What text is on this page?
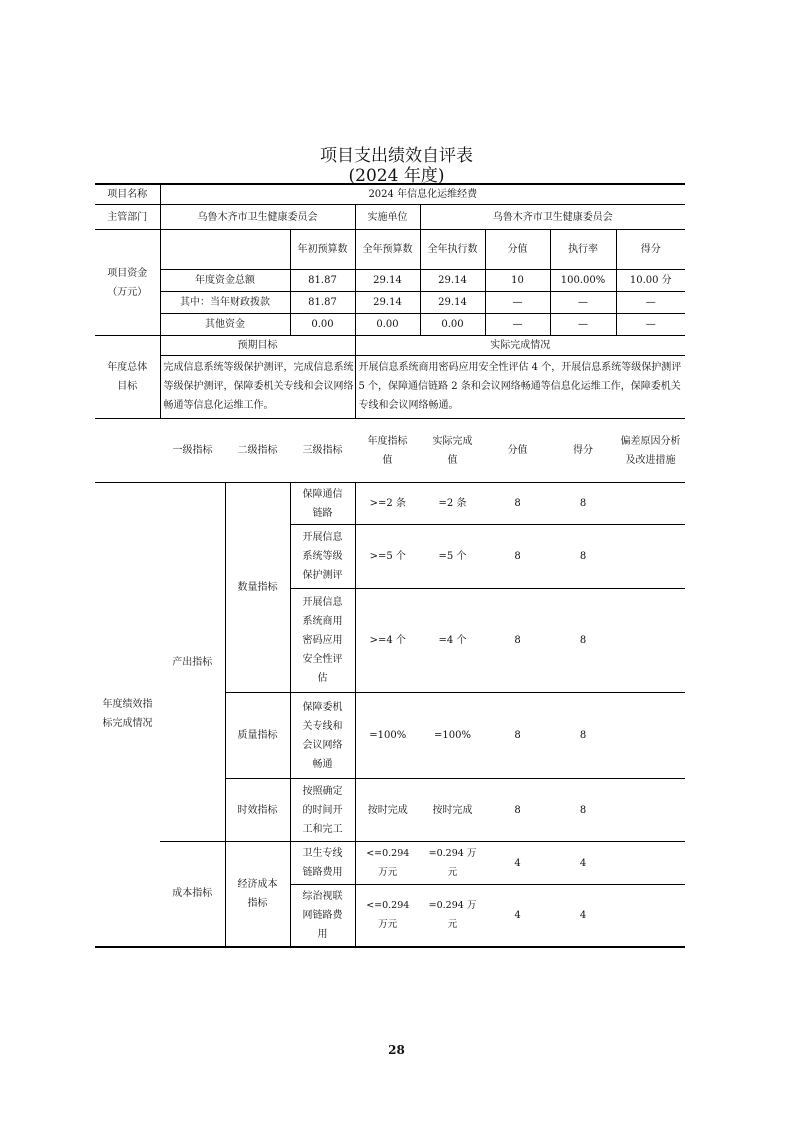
项目支出绩效自评表
(2024 年度)
项目名称	2024 年信息化运维经费							
主管部门	乌鲁木齐市卫生健康委员会			实施单位	乌鲁木齐市卫生健康委员会			
项目资金
（万元）			年初预算数	全年预算数	全年执行数	分值	执行率	得分
	年度资金总额		81.87	29.14	29.14	10	100.00%	10.00 分
	其中：当年财政拨款		81.87	29.14	29.14	—	—	—
	其他资金		0.00	0.00	0.00	—	—	—
年度总体目标	预期目标			实际完成情况				
	完成信息系统等级保护测评，完成信息系统等级保护测评，保障委机关专线和会议网络畅通等信息化运维工作。			开展信息系统商用密码应用安全性评估 4 个，开展信息系统等级保护测评 5 个，保障通信链路 2 条和会议网络畅通等信息化运维工作，保障委机关专线和会议网络畅通。				
	一级指标	二级指标	三级指标	年度指标值	实际完成值	分值	得分	偏差原因分析及改进措施
年度绩效指标完成情况	产出指标	数量指标	保障通信链路	>=2 条	=2 条	8	8	
			开展信息系统等级保护测评	>=5 个	=5 个	8	8	
			开展信息系统商用密码应用安全性评估	>=4 个	=4 个	8	8	
		质量指标	保障委机关专线和会议网络畅通	=100%	=100%	8	8	
		时效指标	按照确定的时间开工和完工	按时完成	按时完成	8	8	
	成本指标	经济成本指标	卫生专线链路费用	<=0.294 万元	=0.294 万元	4	4	
			综治视联网链路费用	<=0.294 万元	=0.294 万元	4	4	
28
